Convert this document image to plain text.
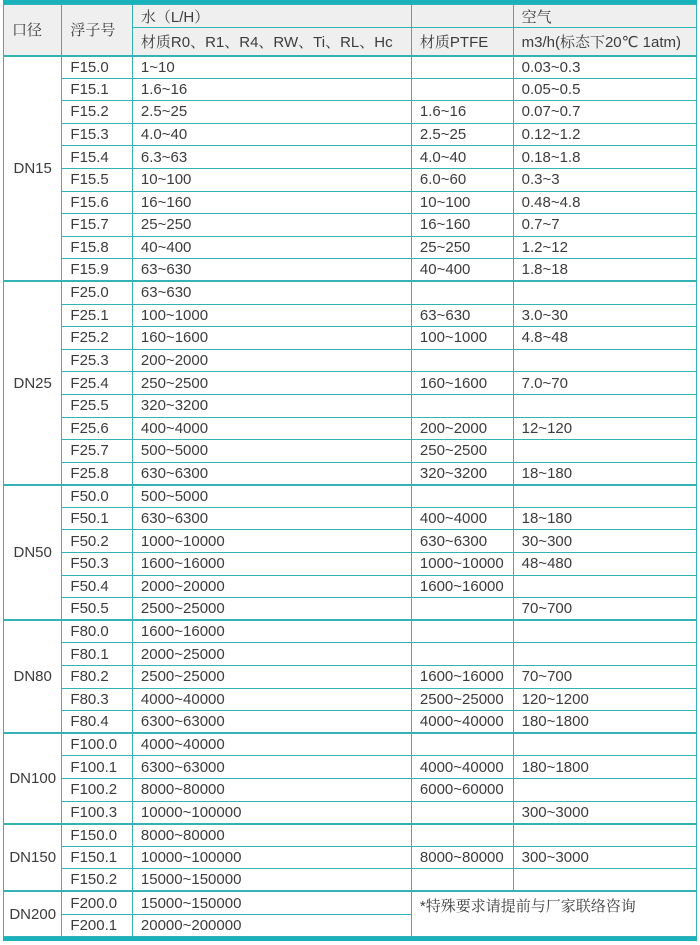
口径	浮子号	水（L/H）		空气
		材质R0、R1、R4、RW、Ti、RL、Hc	材质PTFE	m3/h(标态下20℃ 1atm)
DN15	F15.0	1~10		0.03~0.3
	F15.1	1.6~16		0.05~0.5
	F15.2	2.5~25	1.6~16	0.07~0.7
	F15.3	4.0~40	2.5~25	0.12~1.2
	F15.4	6.3~63	4.0~40	0.18~1.8
	F15.5	10~100	6.0~60	0.3~3
	F15.6	16~160	10~100	0.48~4.8
	F15.7	25~250	16~160	0.7~7
	F15.8	40~400	25~250	1.2~12
	F15.9	63~630	40~400	1.8~18
DN25	F25.0	63~630		
	F25.1	100~1000	63~630	3.0~30
	F25.2	160~1600	100~1000	4.8~48
	F25.3	200~2000		
	F25.4	250~2500	160~1600	7.0~70
	F25.5	320~3200		
	F25.6	400~4000	200~2000	12~120
	F25.7	500~5000	250~2500	
	F25.8	630~6300	320~3200	18~180
DN50	F50.0	500~5000		
	F50.1	630~6300	400~4000	18~180
	F50.2	1000~10000	630~6300	30~300
	F50.3	1600~16000	1000~10000	48~480
	F50.4	2000~20000	1600~16000	
	F50.5	2500~25000		70~700
DN80	F80.0	1600~16000		
	F80.1	2000~25000		
	F80.2	2500~25000	1600~16000	70~700
	F80.3	4000~40000	2500~25000	120~1200
	F80.4	6300~63000	4000~40000	180~1800
DN100	F100.0	4000~40000		
	F100.1	6300~63000	4000~40000	180~1800
	F100.2	8000~80000	6000~60000	
	F100.3	10000~100000		300~3000
DN150	F150.0	8000~80000		
	F150.1	10000~100000	8000~80000	300~3000
	F150.2	15000~150000		
DN200	F200.0	15000~150000	*特殊要求请提前与厂家联络咨询	
	F200.1	20000~200000		
